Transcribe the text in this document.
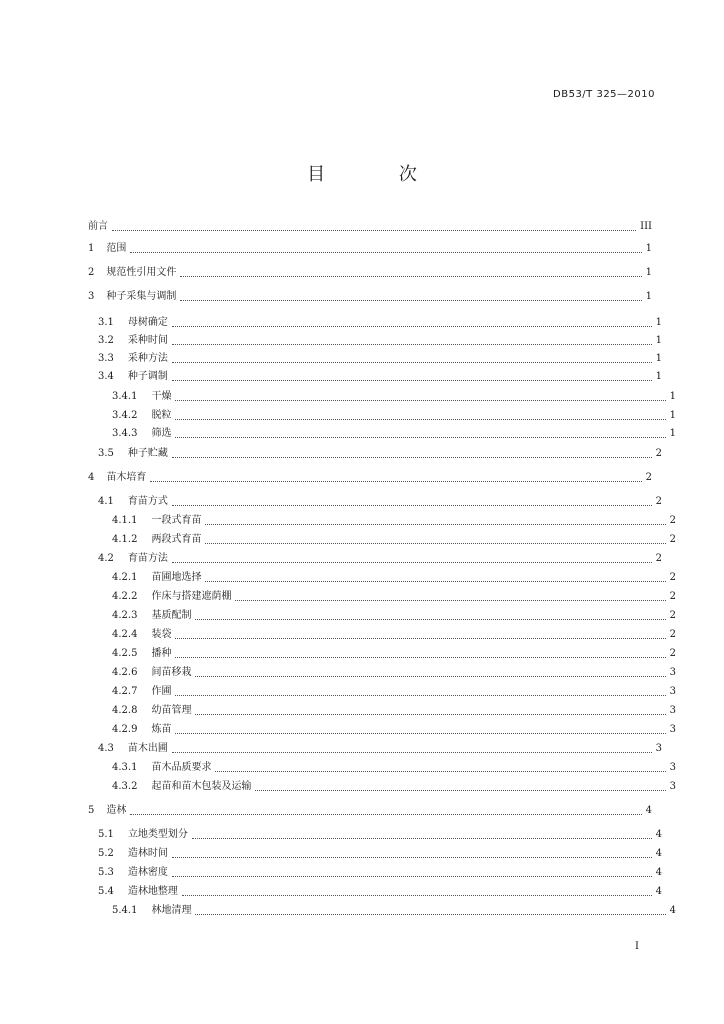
DB53/T 325—2010
目 次
前言	III
1 范围	1
2 规范性引用文件	1
3 种子采集与调制	1
3.1 母树确定	1
3.2 采种时间	1
3.3 采种方法	1
3.4 种子调制	1
3.4.1 干燥	1
3.4.2 脱粒	1
3.4.3 筛选	1
3.5 种子贮藏	2
4 苗木培育	2
4.1 育苗方式	2
4.1.1 一段式育苗	2
4.1.2 两段式育苗	2
4.2 育苗方法	2
4.2.1 苗圃地选择	2
4.2.2 作床与搭建遮荫棚	2
4.2.3 基质配制	2
4.2.4 装袋	2
4.2.5 播种	2
4.2.6 间苗移栽	3
4.2.7 作圃	3
4.2.8 幼苗管理	3
4.2.9 炼苗	3
4.3 苗木出圃	3
4.3.1 苗木品质要求	3
4.3.2 起苗和苗木包装及运输	3
5 造林	4
5.1 立地类型划分	4
5.2 造林时间	4
5.3 造林密度	4
5.4 造林地整理	4
5.4.1 林地清理	4
I
